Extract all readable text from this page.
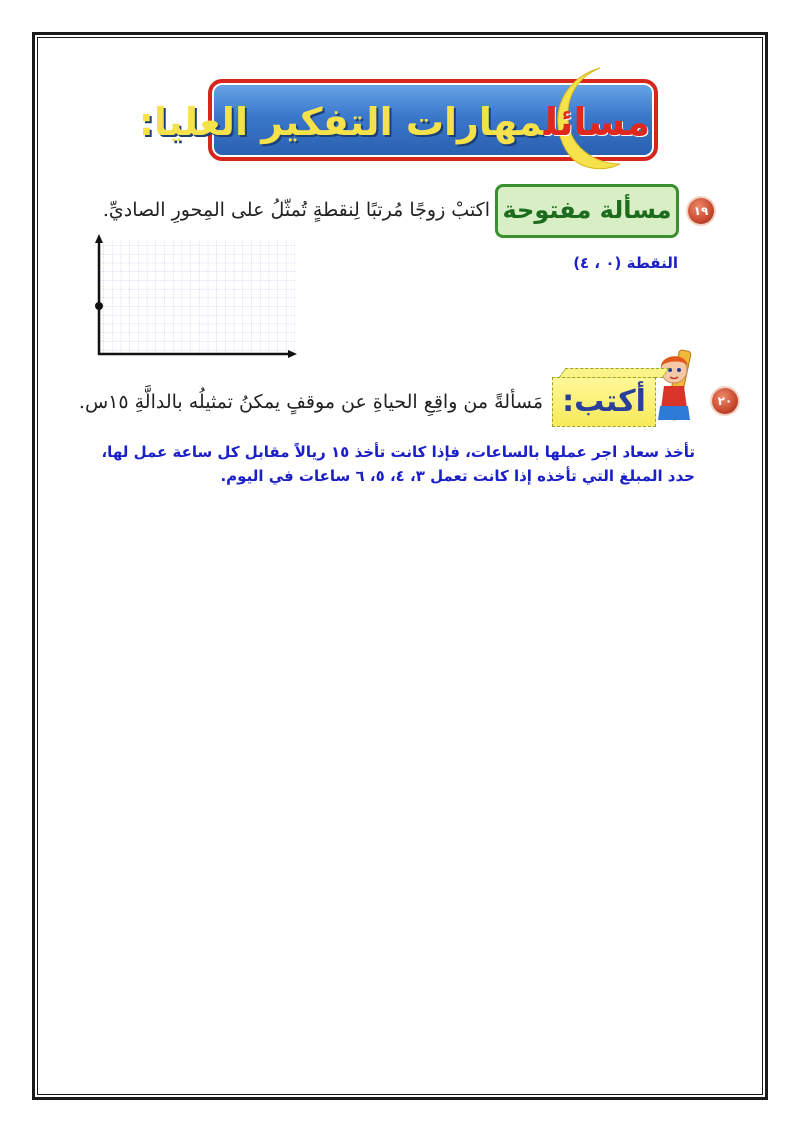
مسائلمهارات التفكير العليا:
١٩
مسألة مفتوحة
اكتبْ زوجًا مُرتبًا لِنقطةٍ تُمثّلُ على المِحورِ الصاديِّ.
النقطة (٠ ، ٤)
٢٠
أكتب:
مَسألةً من واقِعِ الحياةِ عن موقفٍ يمكنُ تمثيلُه بالدالَّةِ ١٥س.
تأخذ سعاد اجر عملها بالساعات، فإذا كانت تأخذ ١٥ ريالاً مقابل كل ساعة عمل لها، حدد المبلغ التي تأخذه إذا كانت تعمل ٣، ٤، ٥، ٦ ساعات في اليوم.
